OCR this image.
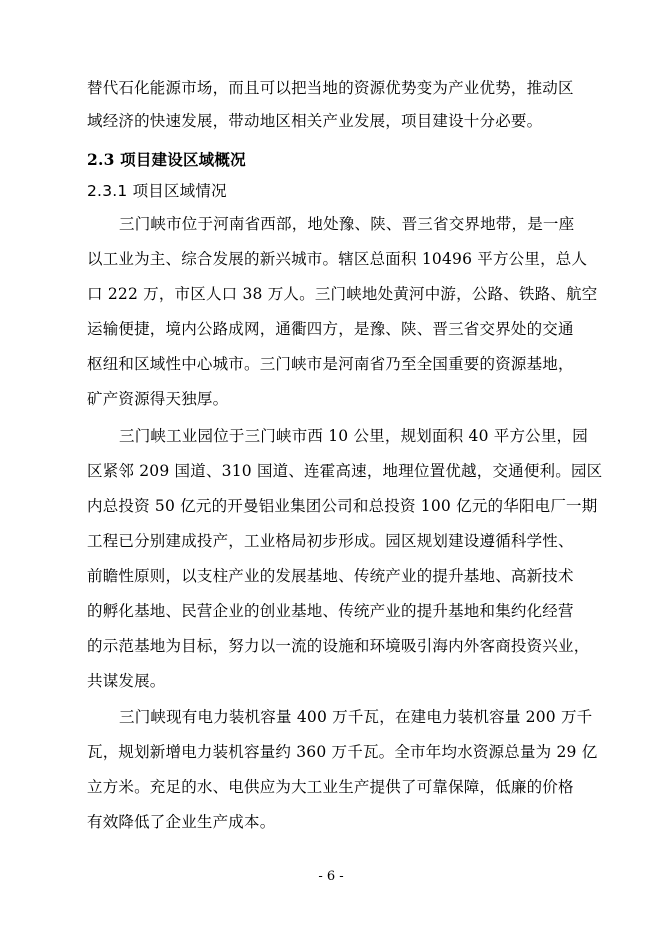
替代石化能源市场，而且可以把当地的资源优势变为产业优势，推动区
域经济的快速发展，带动地区相关产业发展，项目建设十分必要。
2.3 项目建设区域概况
2.3.1 项目区域情况
三门峡市位于河南省西部，地处豫、陕、晋三省交界地带，是一座
以工业为主、综合发展的新兴城市。辖区总面积 10496 平方公里，总人
口 222 万，市区人口 38 万人。三门峡地处黄河中游，公路、铁路、航空
运输便捷，境内公路成网，通衢四方，是豫、陕、晋三省交界处的交通
枢纽和区域性中心城市。三门峡市是河南省乃至全国重要的资源基地，
矿产资源得天独厚。
三门峡工业园位于三门峡市西 10 公里，规划面积 40 平方公里，园
区紧邻 209 国道、310 国道、连霍高速，地理位置优越，交通便利。园区
内总投资 50 亿元的开曼铝业集团公司和总投资 100 亿元的华阳电厂一期
工程已分别建成投产，工业格局初步形成。园区规划建设遵循科学性、
前瞻性原则，以支柱产业的发展基地、传统产业的提升基地、高新技术
的孵化基地、民营企业的创业基地、传统产业的提升基地和集约化经营
的示范基地为目标，努力以一流的设施和环境吸引海内外客商投资兴业，
共谋发展。
三门峡现有电力装机容量 400 万千瓦，在建电力装机容量 200 万千
瓦，规划新增电力装机容量约 360 万千瓦。全市年均水资源总量为 29 亿
立方米。充足的水、电供应为大工业生产提供了可靠保障，低廉的价格
有效降低了企业生产成本。
- 6 -
